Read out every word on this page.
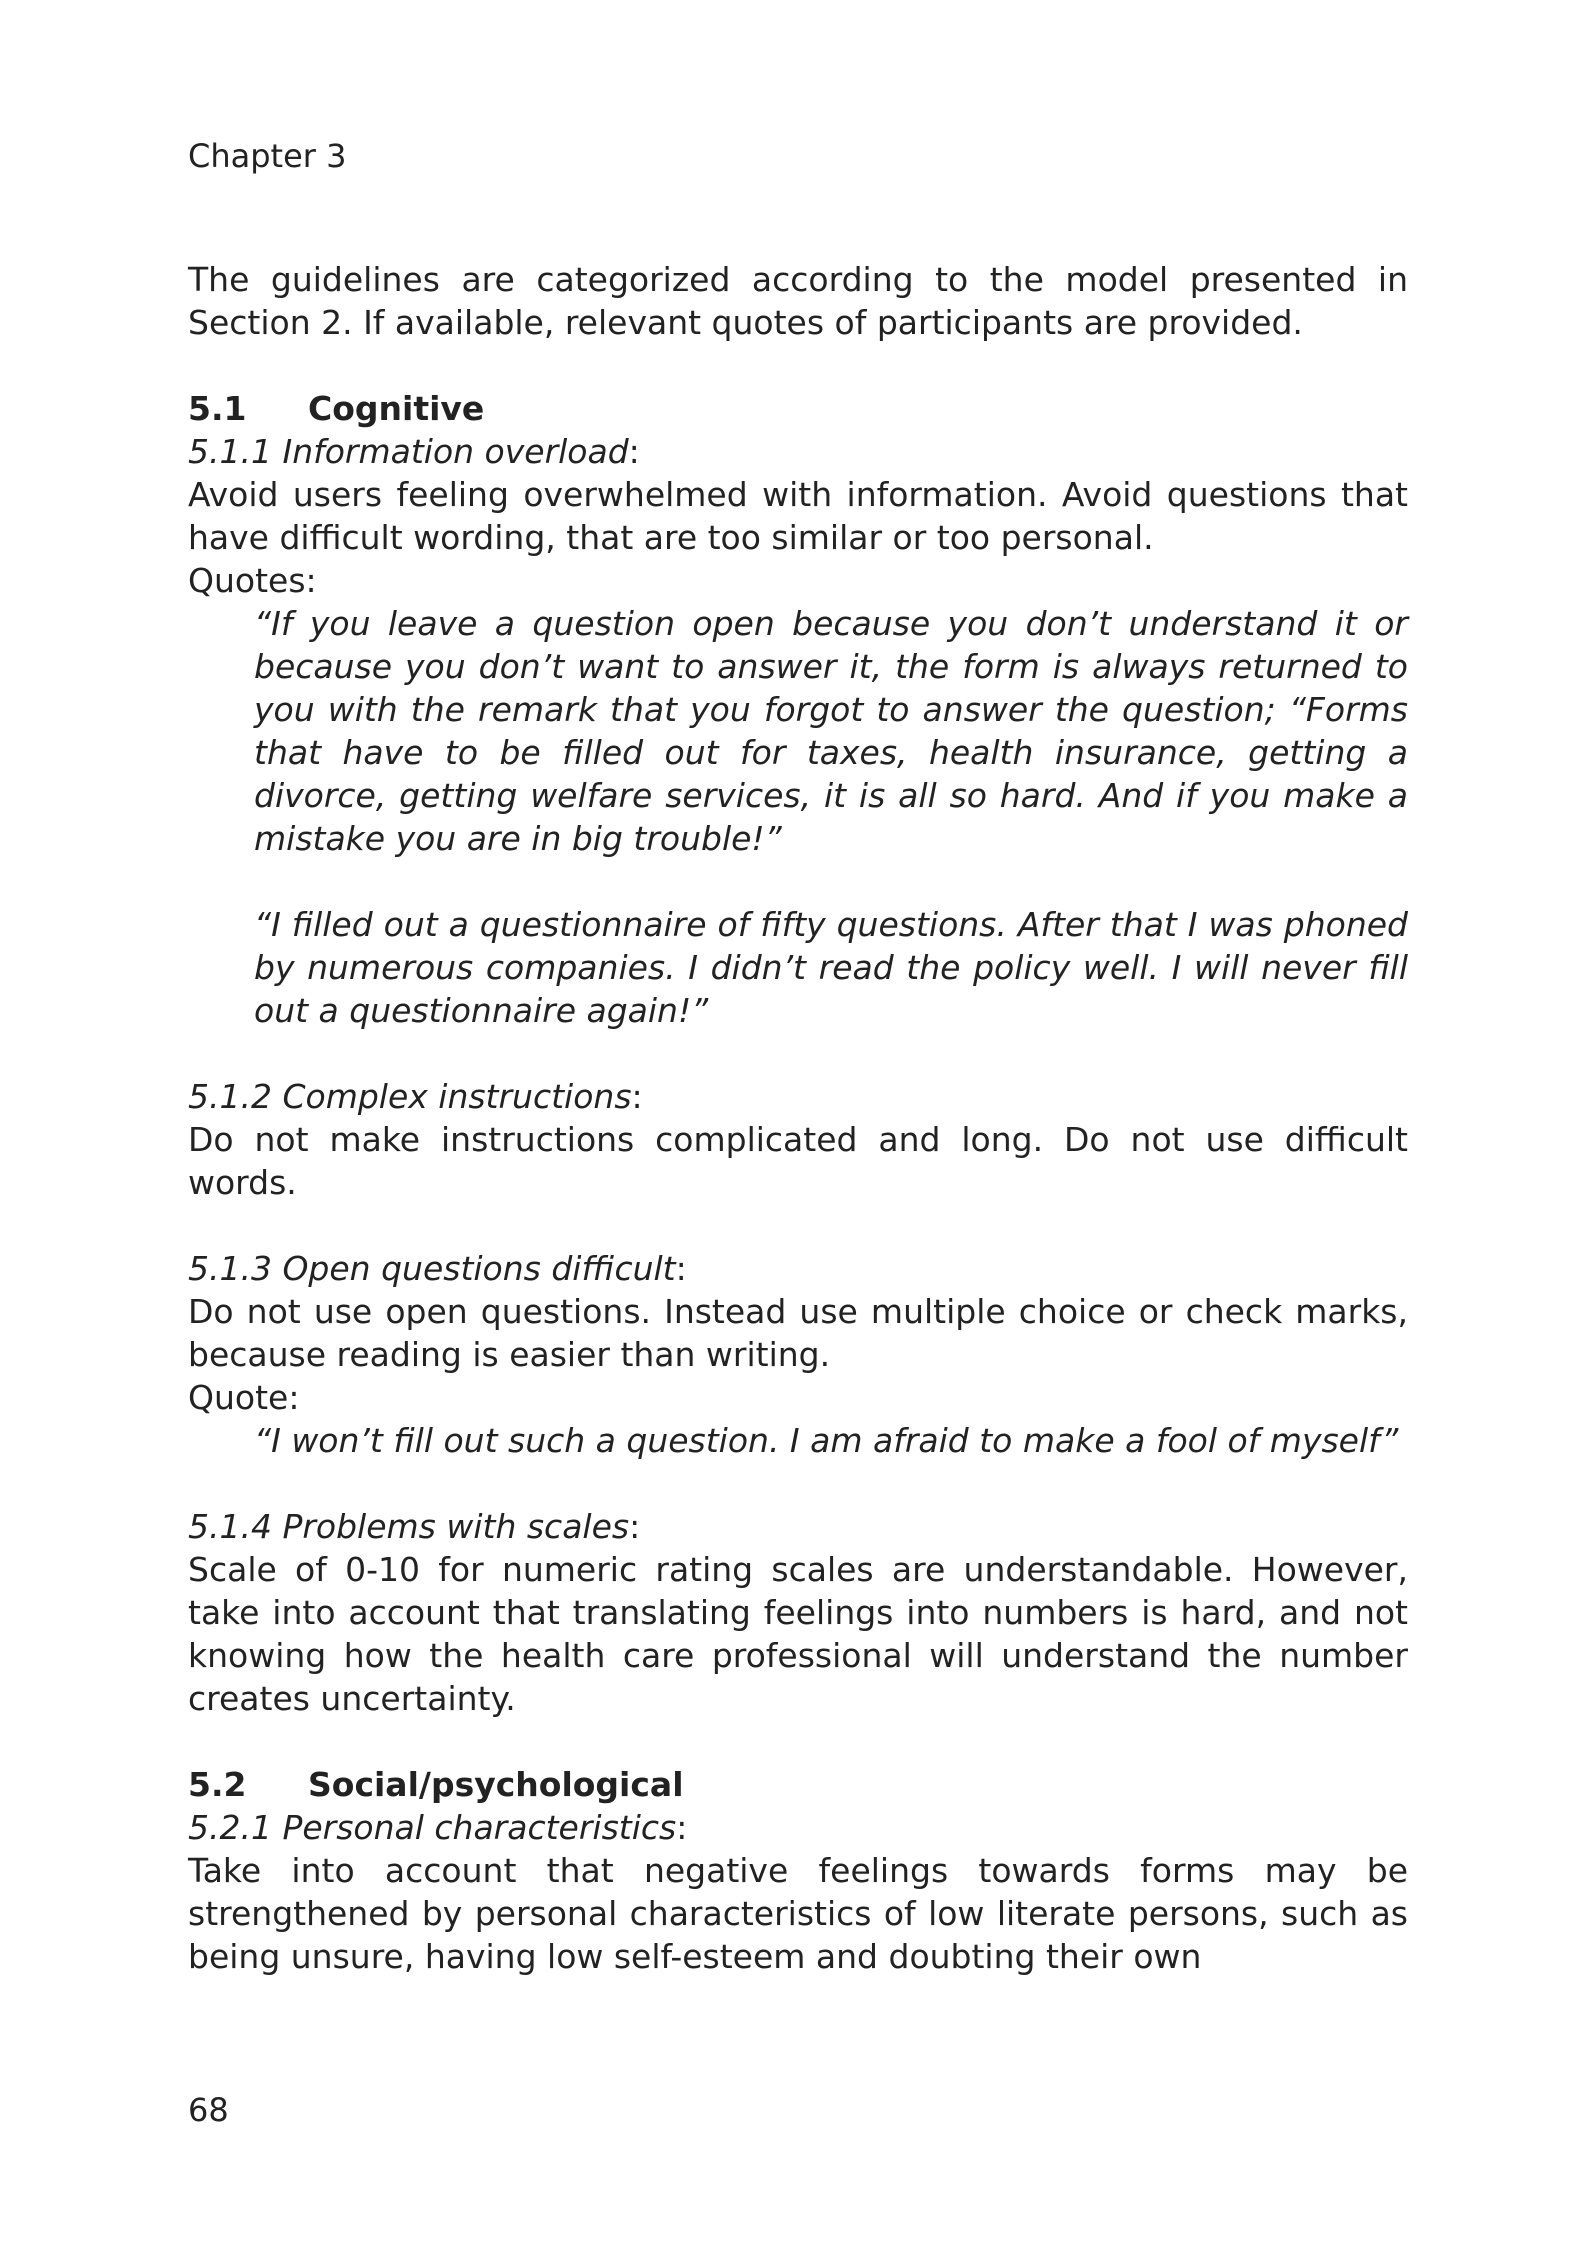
Chapter 3

The guidelines are categorized according to the model presented in Section 2. If available, relevant quotes of participants are provided.

5.1	Cognitive

5.1.1 Information overload:

Avoid users feeling overwhelmed with information. Avoid questions that have difficult wording, that are too similar or too personal.

Quotes:

“If you leave a question open because you don’t understand it or because you don’t want to answer it, the form is always returned to you with the remark that you forgot to answer the question; “Forms that have to be filled out for taxes, health insurance, getting a divorce, getting welfare services, it is all so hard. And if you make a mistake you are in big trouble!”

“I filled out a questionnaire of fifty questions. After that I was phoned by numerous companies. I didn’t read the policy well. I will never fill out a questionnaire again!”

5.1.2 Complex instructions:

Do not make instructions complicated and long. Do not use difficult words.

5.1.3 Open questions difficult:

Do not use open questions. Instead use multiple choice or check marks, because reading is easier than writing.

Quote:

“I won’t fill out such a question. I am afraid to make a fool of myself”

5.1.4 Problems with scales:

Scale of 0-10 for numeric rating scales are understandable. However, take into account that translating feelings into numbers is hard, and not knowing how the health care professional will understand the number creates uncertainty.

5.2	Social/psychological

5.2.1 Personal characteristics:

Take into account that negative feelings towards forms may be strengthened by personal characteristics of low literate persons, such as being unsure, having low self-esteem and doubting their own

68
